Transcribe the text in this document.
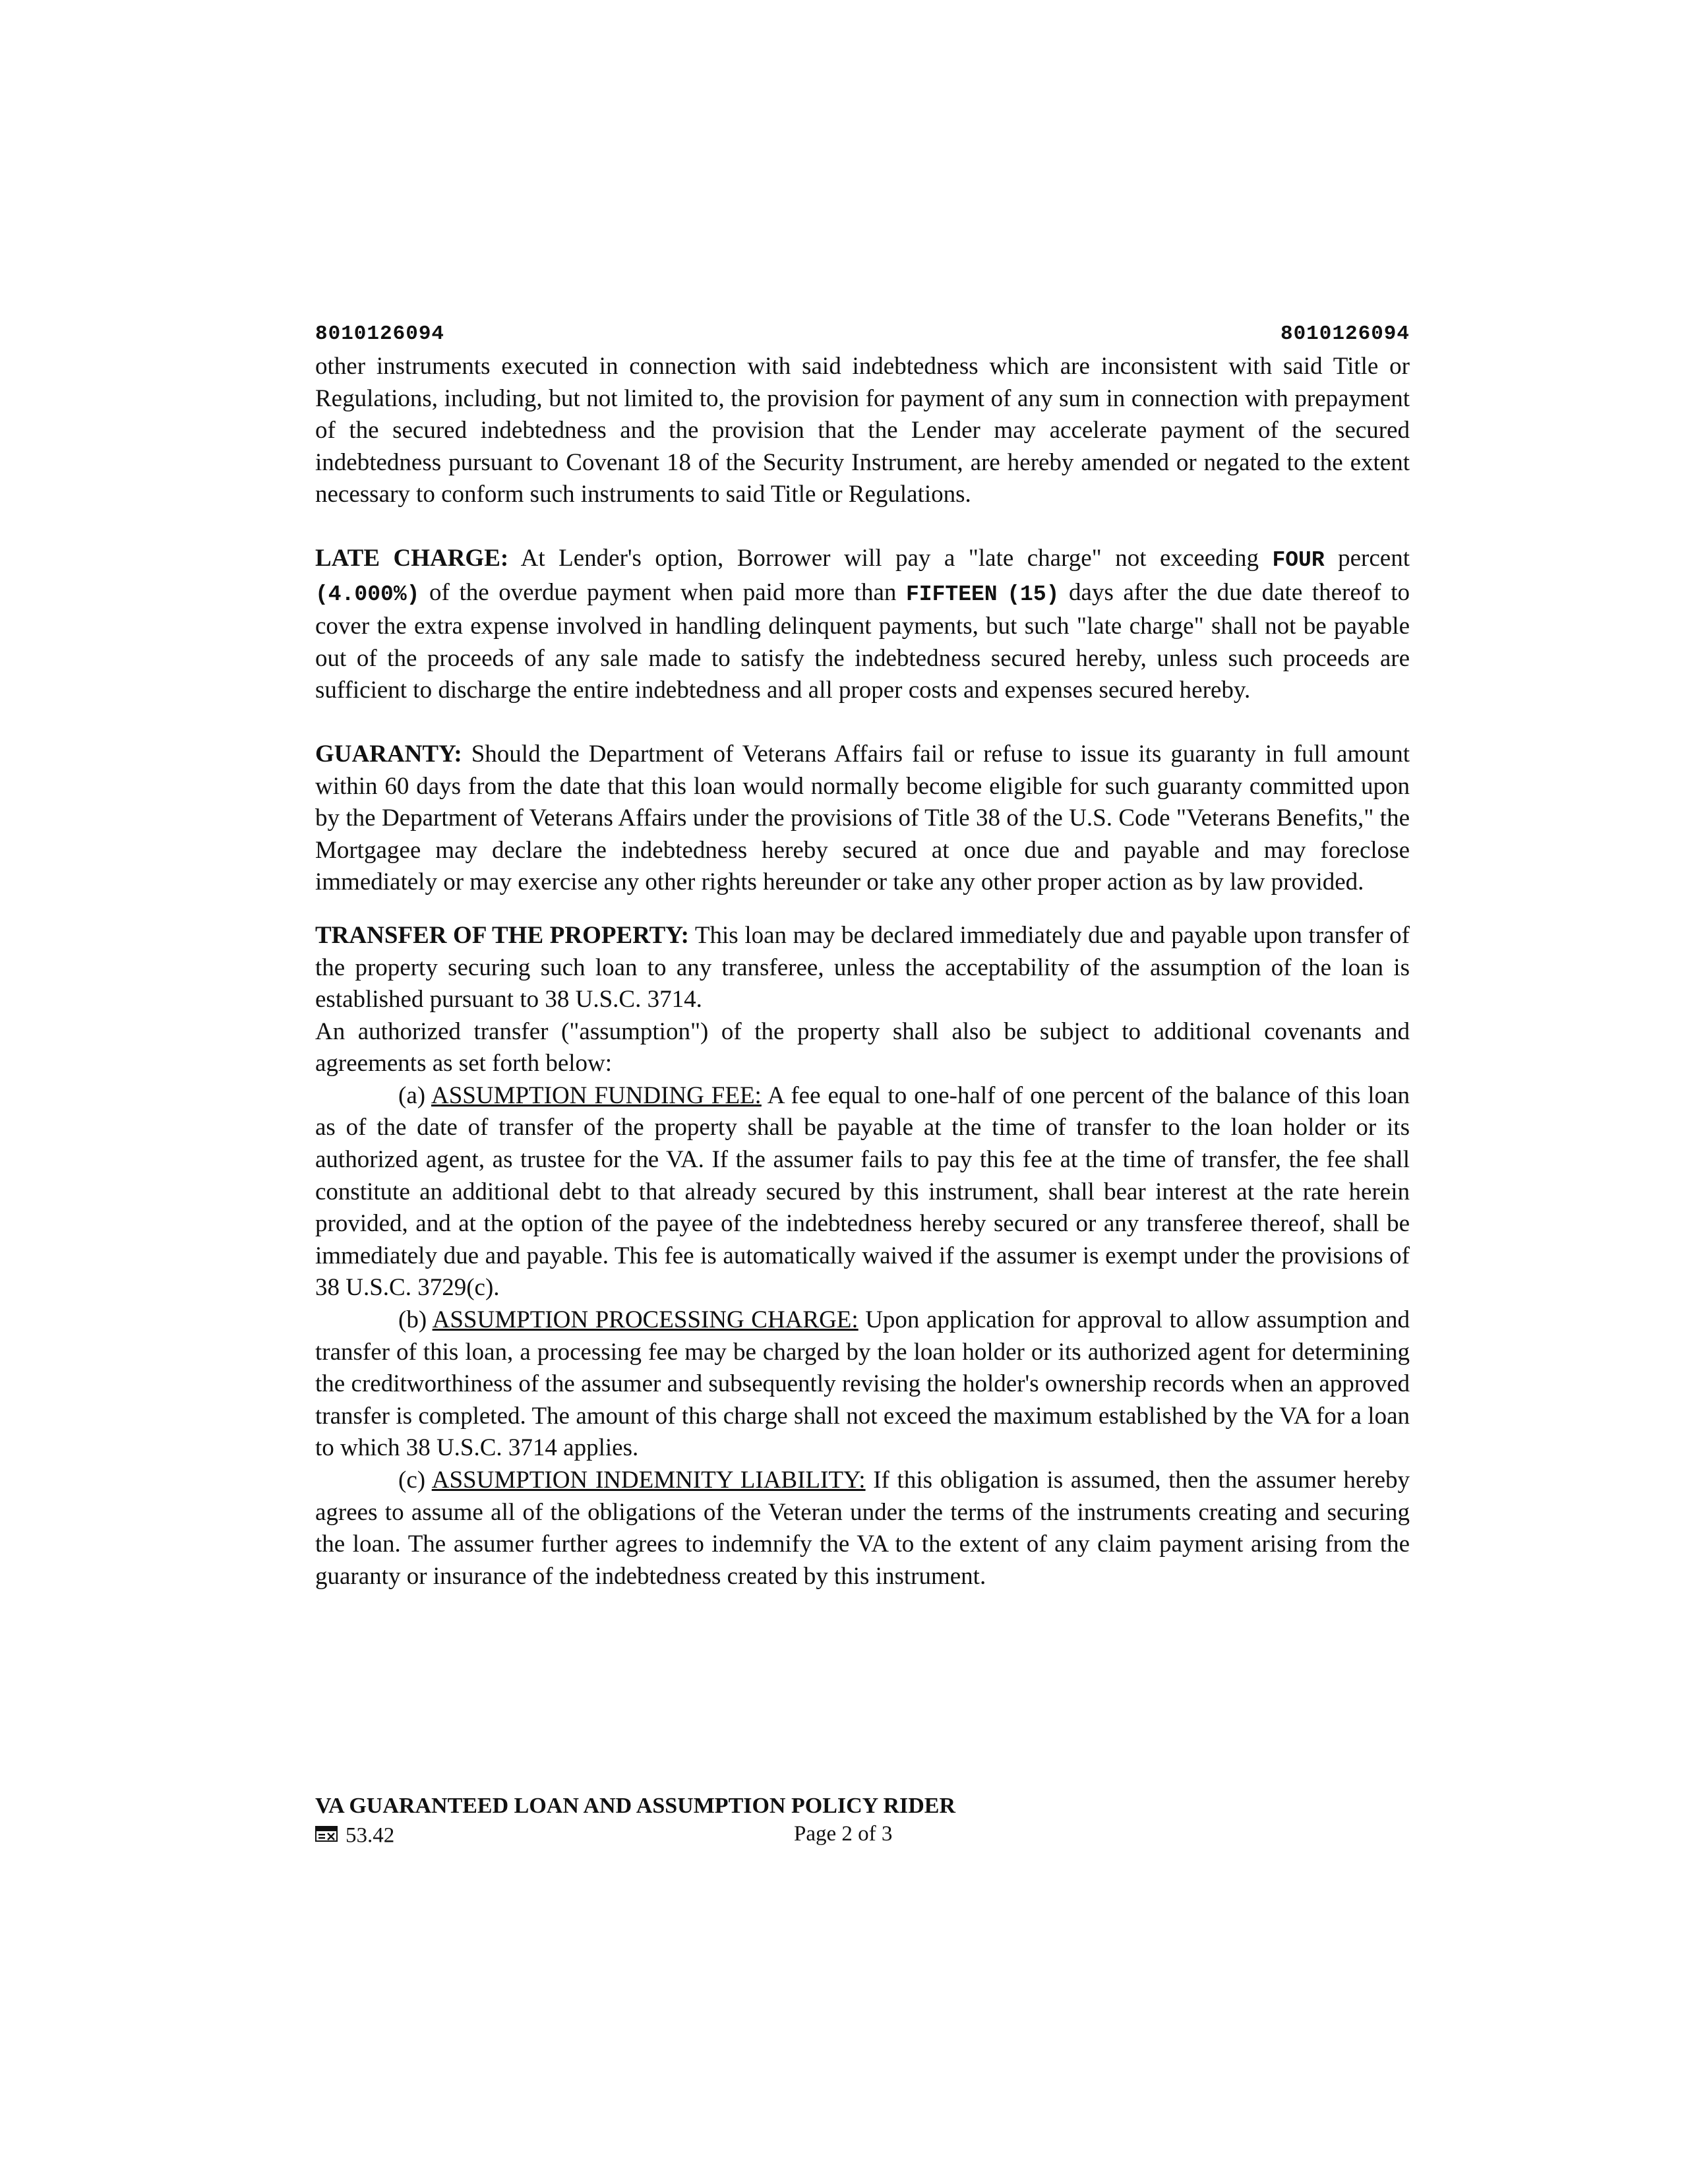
8010126094	8010126094

other instruments executed in connection with said indebtedness which are inconsistent with said Title or Regulations, including, but not limited to, the provision for payment of any sum in connection with prepayment of the secured indebtedness and the provision that the Lender may accelerate payment of the secured indebtedness pursuant to Covenant 18 of the Security Instrument, are hereby amended or negated to the extent necessary to conform such instruments to said Title or Regulations.

LATE CHARGE: At Lender's option, Borrower will pay a "late charge" not exceeding FOUR percent (4.000%) of the overdue payment when paid more than FIFTEEN (15) days after the due date thereof to cover the extra expense involved in handling delinquent payments, but such "late charge" shall not be payable out of the proceeds of any sale made to satisfy the indebtedness secured hereby, unless such proceeds are sufficient to discharge the entire indebtedness and all proper costs and expenses secured hereby.

GUARANTY: Should the Department of Veterans Affairs fail or refuse to issue its guaranty in full amount within 60 days from the date that this loan would normally become eligible for such guaranty committed upon by the Department of Veterans Affairs under the provisions of Title 38 of the U.S. Code "Veterans Benefits," the Mortgagee may declare the indebtedness hereby secured at once due and payable and may foreclose immediately or may exercise any other rights hereunder or take any other proper action as by law provided.

TRANSFER OF THE PROPERTY: This loan may be declared immediately due and payable upon transfer of the property securing such loan to any transferee, unless the acceptability of the assumption of the loan is established pursuant to 38 U.S.C. 3714.

An authorized transfer ("assumption") of the property shall also be subject to additional covenants and agreements as set forth below:

(a) ASSUMPTION FUNDING FEE: A fee equal to one-half of one percent of the balance of this loan as of the date of transfer of the property shall be payable at the time of transfer to the loan holder or its authorized agent, as trustee for the VA. If the assumer fails to pay this fee at the time of transfer, the fee shall constitute an additional debt to that already secured by this instrument, shall bear interest at the rate herein provided, and at the option of the payee of the indebtedness hereby secured or any transferee thereof, shall be immediately due and payable. This fee is automatically waived if the assumer is exempt under the provisions of 38 U.S.C. 3729(c).

(b) ASSUMPTION PROCESSING CHARGE: Upon application for approval to allow assumption and transfer of this loan, a processing fee may be charged by the loan holder or its authorized agent for determining the creditworthiness of the assumer and subsequently revising the holder's ownership records when an approved transfer is completed. The amount of this charge shall not exceed the maximum established by the VA for a loan to which 38 U.S.C. 3714 applies.

(c) ASSUMPTION INDEMNITY LIABILITY: If this obligation is assumed, then the assumer hereby agrees to assume all of the obligations of the Veteran under the terms of the instruments creating and securing the loan. The assumer further agrees to indemnify the VA to the extent of any claim payment arising from the guaranty or insurance of the indebtedness created by this instrument.

VA GUARANTEED LOAN AND ASSUMPTION POLICY RIDER
53.42	Page 2 of 3
